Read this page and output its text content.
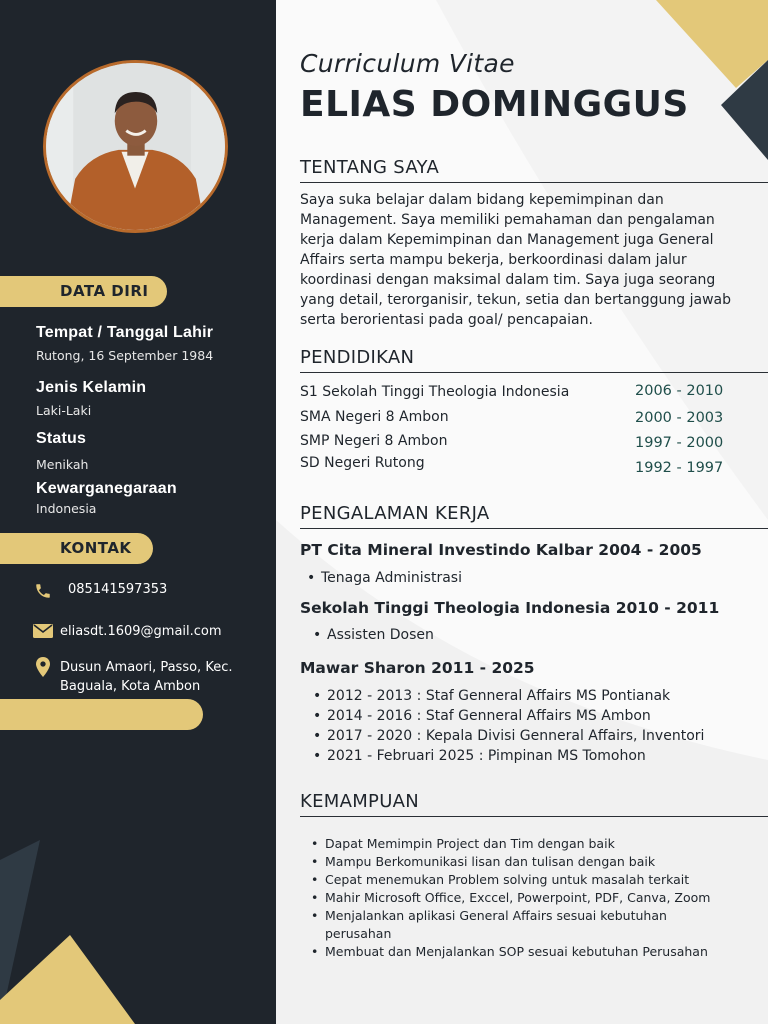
DATA DIRI
Tempat / Tanggal Lahir
Rutong, 16 September 1984
Jenis Kelamin
Laki-Laki
Status
Menikah
Kewarganegaraan
Indonesia
KONTAK
085141597353
eliasdt.1609@gmail.com
Dusun Amaori, Passo, Kec.
Baguala, Kota Ambon
Curriculum Vitae
ELIAS DOMINGGUS
TENTANG SAYA
Saya suka belajar dalam bidang kepemimpinan dan Management. Saya memiliki pemahaman dan pengalaman kerja dalam Kepemimpinan dan Management juga General Affairs serta mampu bekerja, berkoordinasi dalam jalur koordinasi dengan maksimal dalam tim. Saya juga seorang yang detail, terorganisir, tekun, setia dan bertanggung jawab serta berorientasi pada goal/ pencapaian.
PENDIDIKAN
S1 Sekolah Tinggi Theologia Indonesia	2006 - 2010
SMA Negeri 8 Ambon	2000 - 2003
SMP Negeri 8 Ambon	1997 - 2000
SD Negeri Rutong	1992 - 1997
PENGALAMAN KERJA
PT Cita Mineral Investindo Kalbar 2004 - 2005
• Tenaga Administrasi
Sekolah Tinggi Theologia Indonesia 2010 - 2011
• Assisten Dosen
Mawar Sharon 2011 - 2025
• 2012 - 2013 : Staf Genneral Affairs MS Pontianak
• 2014 - 2016 : Staf Genneral Affairs MS Ambon
• 2017 - 2020 : Kepala Divisi Genneral Affairs, Inventori
• 2021 - Februari 2025 : Pimpinan MS Tomohon
KEMAMPUAN
• Dapat Memimpin Project dan Tim dengan baik
• Mampu Berkomunikasi lisan dan tulisan dengan baik
• Cepat menemukan Problem solving untuk masalah terkait
• Mahir Microsoft Office, Exccel, Powerpoint, PDF, Canva, Zoom
• Menjalankan aplikasi General Affairs sesuai kebutuhan perusahan
• Membuat dan Menjalankan SOP sesuai kebutuhan Perusahan
